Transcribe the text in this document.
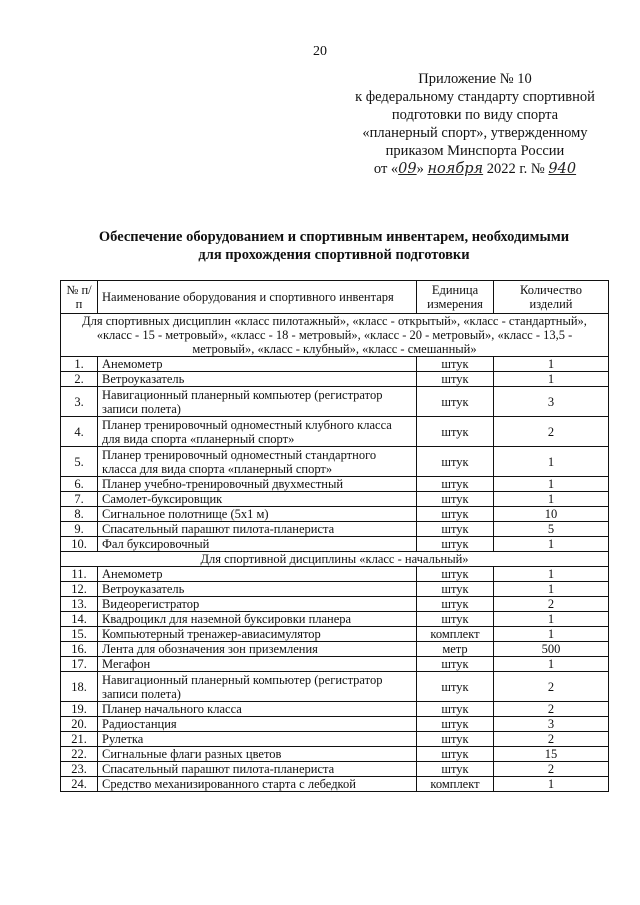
20
Приложение № 10
к федеральному стандарту спортивной
подготовки по виду спорта
«планерный спорт», утвержденному
приказом Минспорта России
от «09» ноября 2022 г. № 940
Обеспечение оборудованием и спортивным инвентарем, необходимыми
для прохождения спортивной подготовки
№ п/п	Наименование оборудования и спортивного инвентаря	Единица измерения	Количество изделий
Для спортивных дисциплин «класс пилотажный», «класс - открытый», «класс - стандартный», «класс - 15 - метровый», «класс - 18 - метровый», «класс - 20 - метровый», «класс - 13,5 - метровый», «класс - клубный», «класс - смешанный»			
1.	Анемометр	штук	1
2.	Ветроуказатель	штук	1
3.	Навигационный планерный компьютер (регистратор записи полета)	штук	3
4.	Планер тренировочный одноместный клубного класса для вида спорта «планерный спорт»	штук	2
5.	Планер тренировочный одноместный стандартного класса для вида спорта «планерный спорт»	штук	1
6.	Планер учебно-тренировочный двухместный	штук	1
7.	Самолет-буксировщик	штук	1
8.	Сигнальное полотнище (5х1 м)	штук	10
9.	Спасательный парашют пилота-планериста	штук	5
10.	Фал буксировочный	штук	1
Для спортивной дисциплины «класс - начальный»			
11.	Анемометр	штук	1
12.	Ветроуказатель	штук	1
13.	Видеорегистратор	штук	2
14.	Квадроцикл для наземной буксировки планера	штук	1
15.	Компьютерный тренажер-авиасимулятор	комплект	1
16.	Лента для обозначения зон приземления	метр	500
17.	Мегафон	штук	1
18.	Навигационный планерный компьютер (регистратор записи полета)	штук	2
19.	Планер начального класса	штук	2
20.	Радиостанция	штук	3
21.	Рулетка	штук	2
22.	Сигнальные флаги разных цветов	штук	15
23.	Спасательный парашют пилота-планериста	штук	2
24.	Средство механизированного старта с лебедкой	комплект	1
